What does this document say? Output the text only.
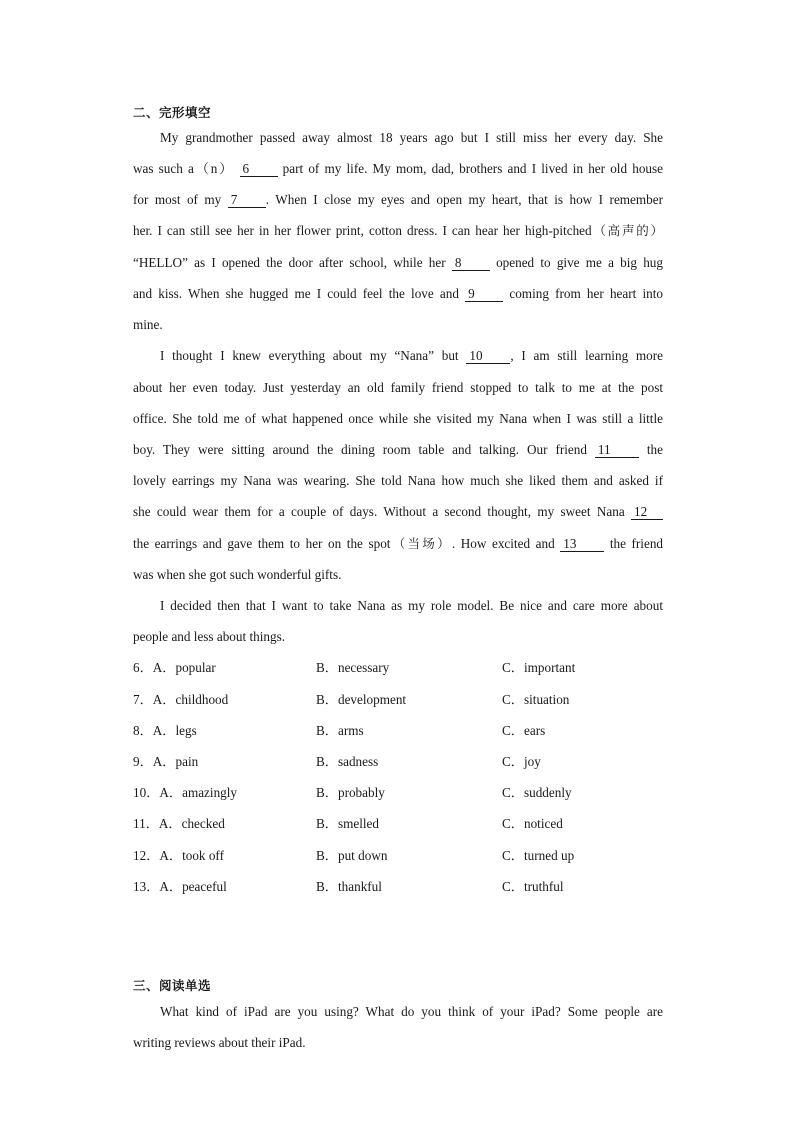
二、完形填空
My grandmother passed away almost 18 years ago but I still miss her every day. She
was such a（n） 6	part of my life. My mom, dad, brothers and I lived in her old house
for most of my 7 . When I close my eyes and open my heart, that is how I remember
her. I can still see her in her flower print, cotton dress. I can hear her high-pitched（高声的）
“HELLO” as I opened the door after school, while her 8	opened to give me a big hug
and kiss. When she hugged me I could feel the love and 9	coming from her heart into
mine.
I thought I knew everything about my “Nana” but 10 , I am still learning more
about her even today. Just yesterday an old family friend stopped to talk to me at the post
office. She told me of what happened once while she visited my Nana when I was still a little
boy. They were sitting around the dining room table and talking. Our friend 11	the
lovely earrings my Nana was wearing. She told Nana how much she liked them and asked if
she could wear them for a couple of days. Without a second thought, my sweet Nana 12
the earrings and gave them to her on the spot（当场）. How excited and 13	the friend
was when she got such wonderful gifts.
I decided then that I want to take Nana as my role model. Be nice and care more about
people and less about things.
6．A．popular	B．necessary	C．important
7．A．childhood	B．development	C．situation
8．A．legs	B．arms	C．ears
9．A．pain	B．sadness	C．joy
10．A．amazingly	B．probably	C．suddenly
11．A．checked	B．smelled	C．noticed
12．A．took off	B．put down	C．turned up
13．A．peaceful	B．thankful	C．truthful
三、阅读单选
What kind of iPad are you using? What do you think of your iPad? Some people are
writing reviews about their iPad.
